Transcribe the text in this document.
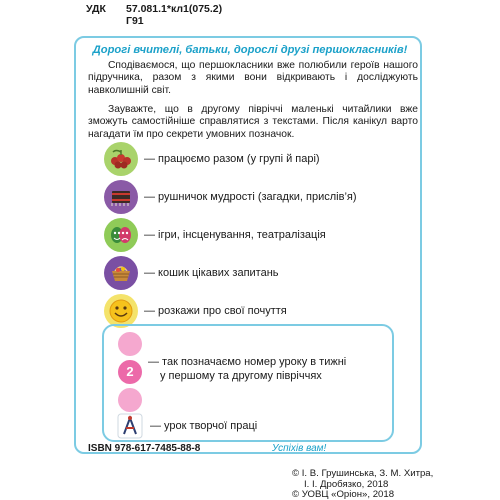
УДК 57.081.1*кл1(075.2)
Г91
Дорогі вчителі, батьки, дорослі друзі першокласників!

Сподіваємося, що першокласники вже полюбили героїв нашого підручника, разом з якими вони відкривають і досліджують навколишній світ.

Зауважте, що в другому півріччі маленькі читайлики вже зможуть самостійніше справлятися з текстами. Після канікул варто нагадати їм про секрети умовних позначок.

— працюємо разом (у групі й парі)
— рушничок мудрості (загадки, прислів’я)
— ігри, інсценування, театралізація
— кошик цікавих запитань
— розкажи про свої почуття
2
— так позначаємо номер уроку в тижні
у першому та другому півріччях
— урок творчої праці
ISBN 978-617-7485-88-8	Успіхів вам!
© І. В. Грушинська, З. М. Хитра,
І. І. Дробязко, 2018
© УОВЦ «Оріон», 2018
